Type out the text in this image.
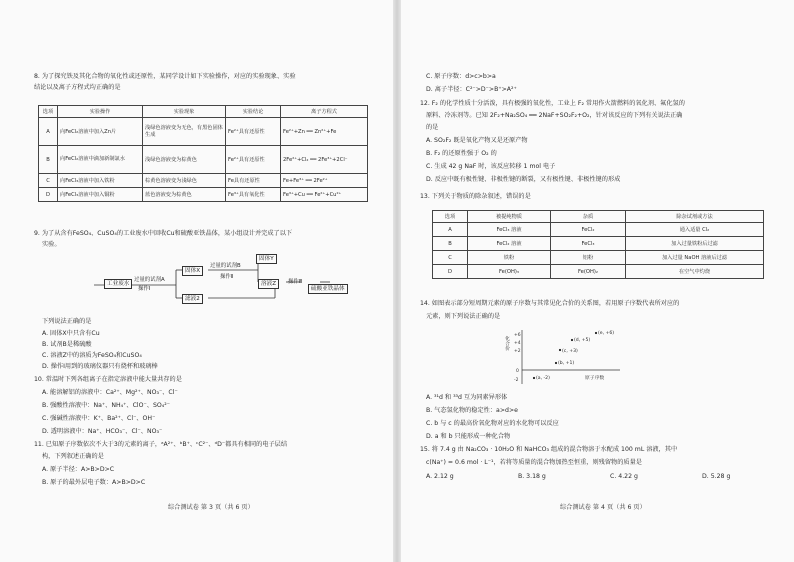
8. 为了探究铁及其化合物的氧化性或还原性，某同学设计如下实验操作，对应的实验现象、实验
结论以及离子方程式均正确的是
选项	实验操作	实验现象	实验结论	离子方程式
A	向FeCl₂溶液中加入Zn片	浅绿色溶液变为无色，有黑色固体生成	Fe²⁺具有还原性	Fe²⁺+Zn ══ Zn²⁺+Fe
B	向FeCl₂溶液中滴加新制氯水	浅绿色溶液变为棕黄色	Fe²⁺具有还原性	2Fe²⁺+Cl₂ ══ 2Fe³⁺+2Cl⁻
C	向FeCl₃溶液中加入铁粉	棕黄色溶液变为浅绿色	Fe具有还原性	Fe+Fe³⁺ ══ 2Fe²⁺
D	向FeCl₃溶液中加入铜粉	蓝色溶液变为棕黄色	Fe³⁺具有氧化性	Fe³⁺+Cu ══ Fe²⁺+Cu²⁺
9. 为了从含有FeSO₄、CuSO₄的工业废水中回收Cu和硫酸亚铁晶体，某小组设计并完成了以下
实验。
工业废水
过量的试剂A
操作Ⅰ
固体X
滤液2
过量的试剂B
操作Ⅱ
固体Y
溶液Z	操作Ⅲ
硫酸亚铁晶体
下列说法正确的是
A. 固体X中只含有Cu
B. 试剂B是稀硫酸
C. 溶液Z中的溶质为FeSO₄和CuSO₄
D. 操作Ⅰ用到的玻璃仪器只有烧杯和玻璃棒
10. 常温时下列各组离子在指定溶液中能大量共存的是
A. 能溶解铝的溶液中：Ca²⁺、Mg²⁺、NO₃⁻、Cl⁻
B. 强酸性溶液中：Na⁺、NH₄⁺、ClO⁻、SO₄²⁻
C. 强碱性溶液中：K⁺、Ba²⁺、Cl⁻、OH⁻
D. 透明溶液中：Na⁺、HCO₃⁻、Cl⁻、NO₃⁻
11. 已知原子序数依次不大于3的元素的离子，ᵃA²⁺、ᵇB⁺、ᶜC²⁻、ᵈD⁻都具有相同的电子层结
构，下列叙述正确的是
A. 原子半径：A>B>D>C
B. 原子的最外层电子数：A>B>D>C
综合测试卷 第 3 页（共 6 页）
C. 原子序数：d>c>b>a
D. 离子半径：C²⁻>D⁻>B⁺>A²⁺
12. F₂ 的化学性质十分活泼，具有极强的氧化性，工业上 F₂ 常用作火箭燃料的氧化剂、氟化氢的
原料、冷冻剂等。已知 2F₂+Na₂SO₄ ══ 2NaF+SO₂F₂+O₂，针对该反应的下列有关说法正确
的是
A. SO₂F₂ 既是氧化产物又是还原产物
B. F₂ 的还原性强于 O₂ 的
C. 生成 42 g NaF 时，该反应转移 1 mol 电子
D. 反应中既有极性键、非极性键的断裂，又有极性键、非极性键的形成
13. 下列关于物质的除杂叙述，错误的是
选项	被提纯物质	杂质	除杂试剂或方法
A	FeCl₃ 溶液	FeCl₂	通入适量 Cl₂
B	FeCl₂ 溶液	FeCl₃	加入过量铁粉后过滤
C	铁粉	铝粉	加入过量 NaOH 溶液后过滤
D	Fe(OH)₃	Fe(OH)₂	在空气中灼烧
14. 如图表示部分短周期元素的原子序数与其常见化合价的关系图，若用原子序数代表所对应的
元素，则下列说法正确的是
+6
+4
+2
0
-2
化合价
(e, +6)
(d, +5)
(c, +3)
(b, +1)
(a, -2)	原子序数
A. ³¹d 和 ³³d 互为同素异形体
B. 气态氢化物的稳定性：a>d>e
C. b 与 c 的最高价氧化物对应的水化物可以反应
D. a 和 b 只能形成一种化合物
15. 将 7.4 g 由 Na₂CO₃ · 10H₂O 和 NaHCO₃ 组成的混合物溶于水配成 100 mL 溶液，其中
c(Na⁺) = 0.6 mol · L⁻¹，若将等质量的混合物加热至恒重，则残留物的质量是
A. 2.12 g	B. 3.18 g	C. 4.22 g	D. 5.28 g
综合测试卷 第 4 页（共 6 页）
